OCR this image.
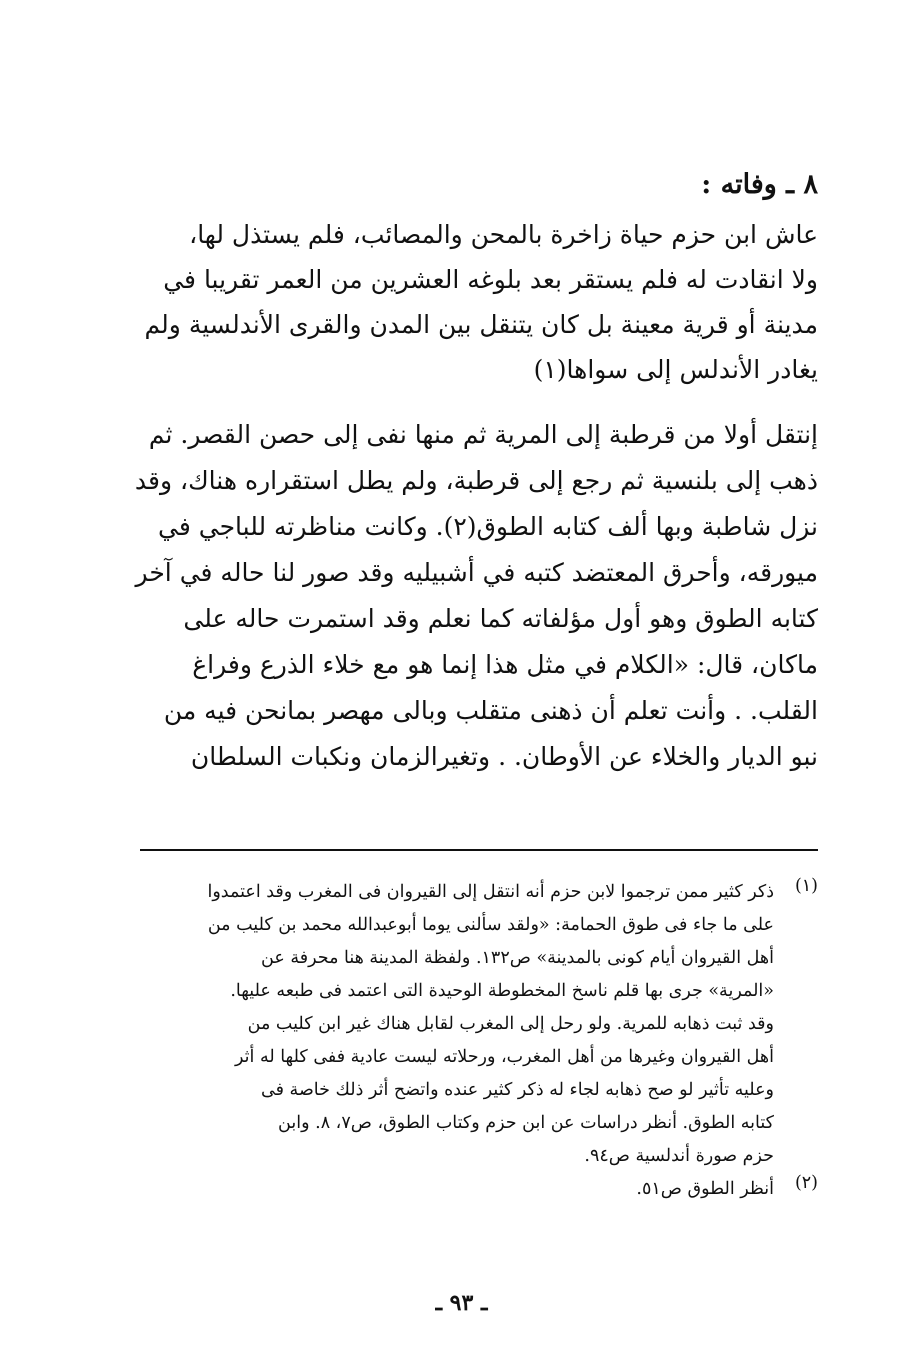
٨ ـ وفاته :
عاش ابن حزم حياة زاخرة بالمحن والمصائب، فلم يستذل لها،
ولا انقادت له فلم يستقر بعد بلوغه العشرين من العمر تقريبا في
مدينة أو قرية معينة بل كان يتنقل بين المدن والقرى الأندلسية ولم
يغادر الأندلس إلى سواها(١)
إنتقل أولا من قرطبة إلى المرية ثم منها نفى إلى حصن القصر. ثم
ذهب إلى بلنسية ثم رجع إلى قرطبة، ولم يطل استقراره هناك، وقد
نزل شاطبة وبها ألف كتابه الطوق(٢). وكانت مناظرته للباجي في
ميورقه، وأحرق المعتضد كتبه في أشبيليه وقد صور لنا حاله في آخر
كتابه الطوق وهو أول مؤلفاته كما نعلم وقد استمرت حاله على
ماكان، قال: «الكلام في مثل هذا إنما هو مع خلاء الذرع وفراغ
القلب. . وأنت تعلم أن ذهنى متقلب وبالى مهصر بمانحن فيه من
نبو الديار والخلاء عن الأوطان. . وتغيرالزمان ونكبات السلطان
(١)
ذكر كثير ممن ترجموا لابن حزم أنه انتقل إلى القيروان فى المغرب وقد اعتمدوا
على ما جاء فى طوق الحمامة: «ولقد سألنى يوما أبوعبدالله محمد بن كليب من
أهل القيروان أيام كونى بالمدينة» ص١٣٢. ولفظة المدينة هنا محرفة عن
«المرية» جرى بها قلم ناسخ المخطوطة الوحيدة التى اعتمد فى طبعه عليها.
وقد ثبت ذهابه للمرية. ولو رحل إلى المغرب لقابل هناك غير ابن كليب من
أهل القيروان وغيرها من أهل المغرب، ورحلاته ليست عادية ففى كلها له أثر
وعليه تأثير لو صح ذهابه لجاء له ذكر كثير عنده واتضح أثر ذلك خاصة فى
كتابه الطوق. أنظر دراسات عن ابن حزم وكتاب الطوق، ص٧، ٨. وابن
حزم صورة أندلسية ص٩٤.
(٢)
أنظر الطوق ص٥١.
ـ ٩٣ ـ
